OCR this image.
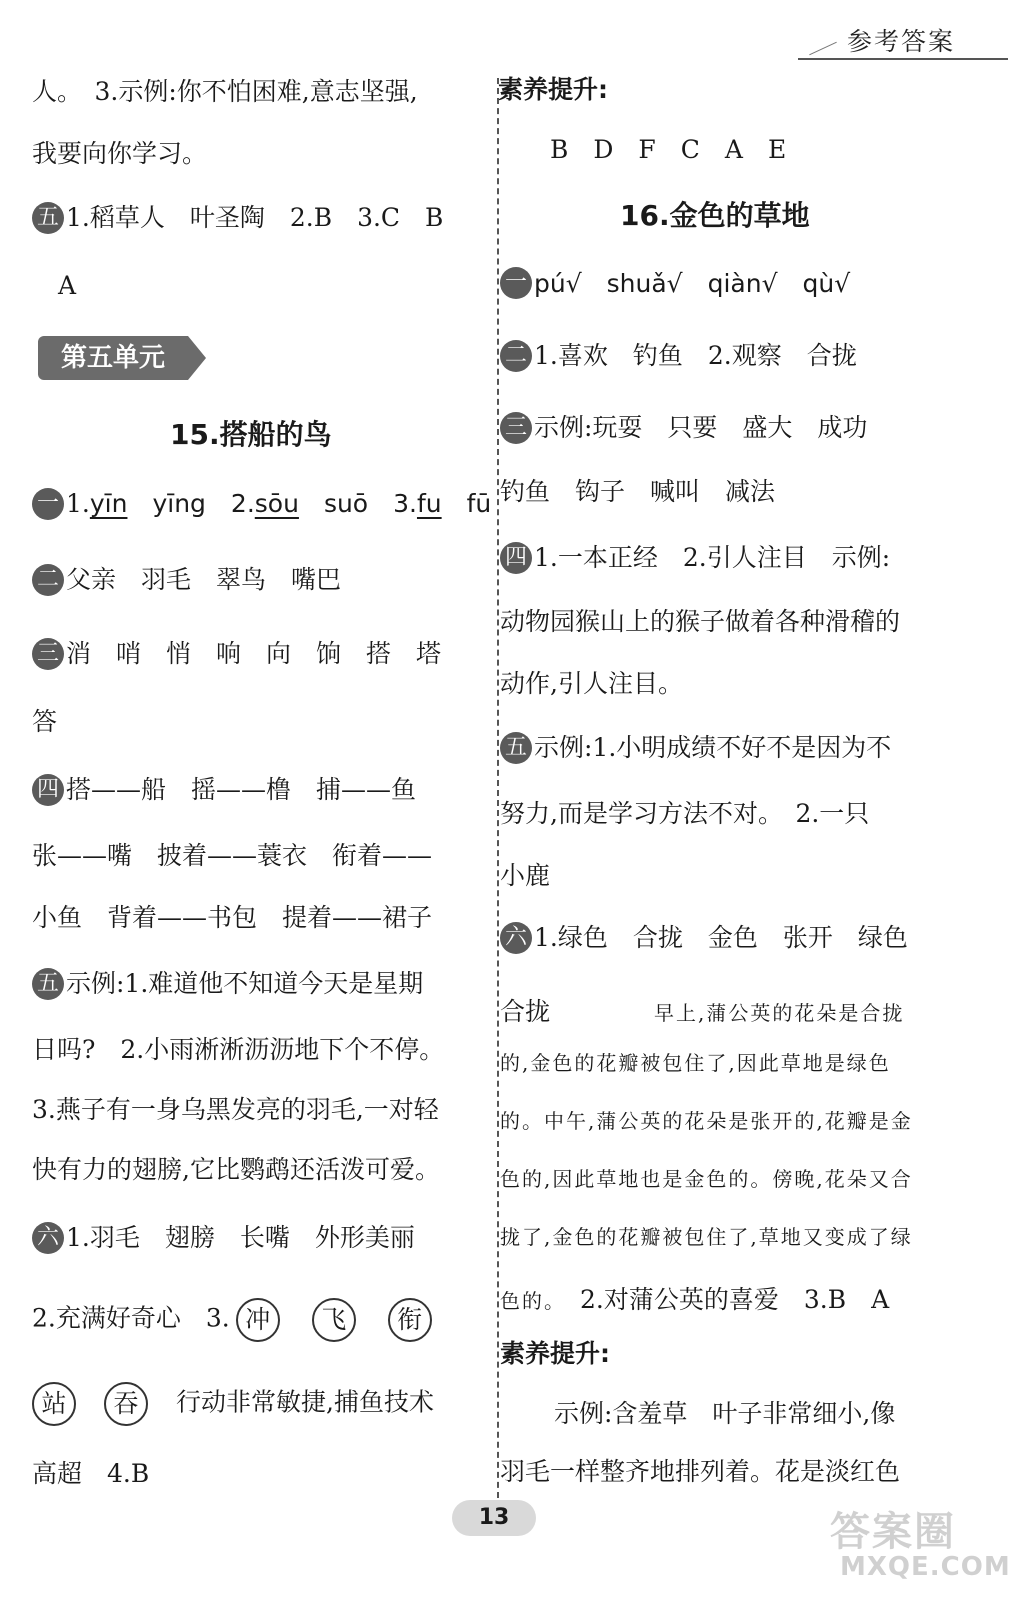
参考答案
人。　3.示例:你不怕困难,意志坚强,
我要向你学习。
五 1.稻草人　叶圣陶　2.B　3.C　B
A
第五单元
15.搭船的鸟
一 1.yīn　yīng　2.sōu　suō　3.fu　fū
二 父亲　羽毛　翠鸟　嘴巴
三 消　哨　悄　响　向　饷　搭　塔
答
四 搭——船　摇——橹　捕——鱼
张——嘴　披着——蓑衣　衔着——
小鱼　背着——书包　提着——裙子
五 示例:1.难道他不知道今天是星期
日吗?　2.小雨淅淅沥沥地下个不停。
3.燕子有一身乌黑发亮的羽毛,一对轻
快有力的翅膀,它比鹦鹉还活泼可爱。
六 1.羽毛　翅膀　长嘴　外形美丽
2.充满好奇心　3. 冲 飞 衔
站 吞 行动非常敏捷,捕鱼技术
高超　4.B
素养提升:
B　D　F　C　A　E
16.金色的草地
一 pú√　shuǎ√　qiàn√　qù√
二 1.喜欢　钓鱼　2.观察　合拢
三 示例:玩耍　只要　盛大　成功
钓鱼　钩子　喊叫　减法
四 1.一本正经　2.引人注目　示例:
动物园猴山上的猴子做着各种滑稽的
动作,引人注目。
五 示例:1.小明成绩不好不是因为不
努力,而是学习方法不对。　2.一只
小鹿
六 1.绿色　合拢　金色　张开　绿色
合拢	早上,蒲公英的花朵是合拢
的,金色的花瓣被包住了,因此草地是绿色
的。中午,蒲公英的花朵是张开的,花瓣是金
色的,因此草地也是金色的。傍晚,花朵又合
拢了,金色的花瓣被包住了,草地又变成了绿
色的。 2.对蒲公英的喜爱　3.B　A
素养提升:
示例:含羞草　叶子非常细小,像
羽毛一样整齐地排列着。花是淡红色
13	答案圈
MXQE.COM
